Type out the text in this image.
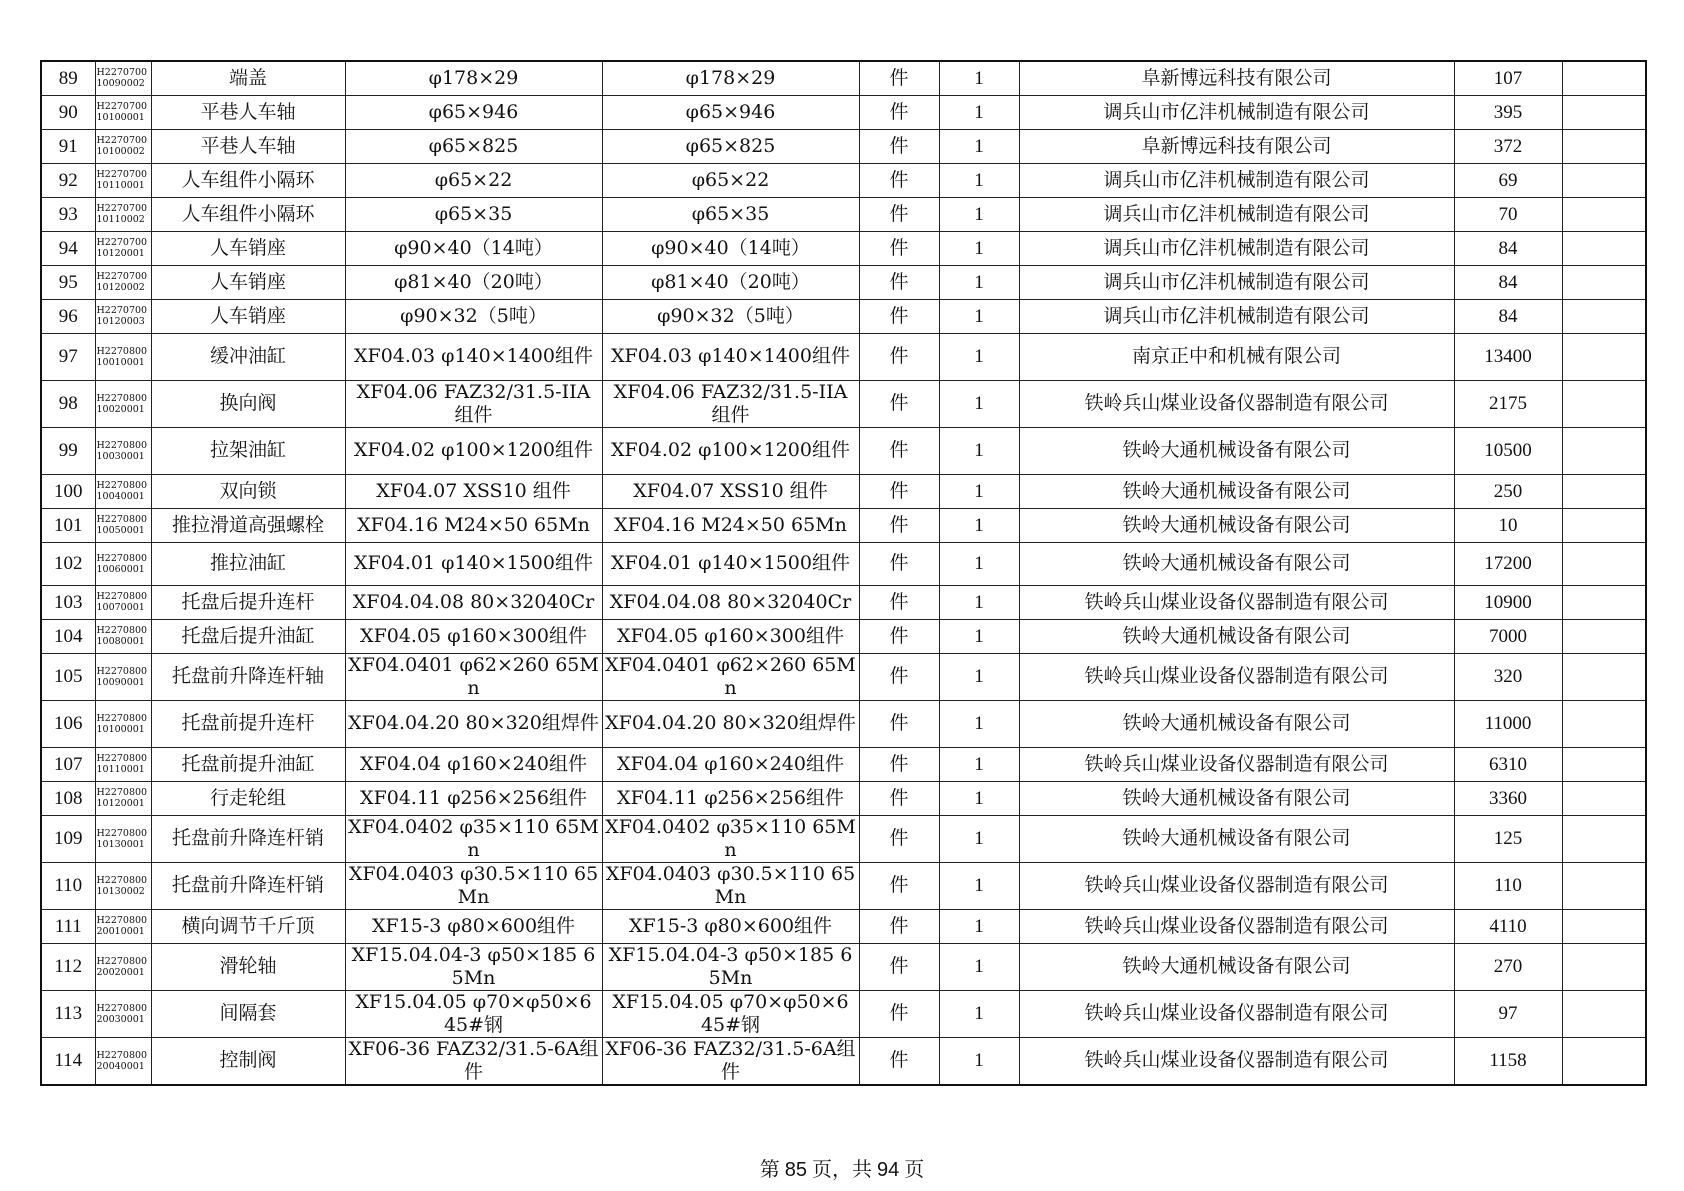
89	H227070010090002	端盖	φ178×29	φ178×29	件	1	阜新博远科技有限公司	107	
90	H227070010100001	平巷人车轴	φ65×946	φ65×946	件	1	调兵山市亿沣机械制造有限公司	395	
91	H227070010100002	平巷人车轴	φ65×825	φ65×825	件	1	阜新博远科技有限公司	372	
92	H227070010110001	人车组件小隔环	φ65×22	φ65×22	件	1	调兵山市亿沣机械制造有限公司	69	
93	H227070010110002	人车组件小隔环	φ65×35	φ65×35	件	1	调兵山市亿沣机械制造有限公司	70	
94	H227070010120001	人车销座	φ90×40（14吨）	φ90×40（14吨）	件	1	调兵山市亿沣机械制造有限公司	84	
95	H227070010120002	人车销座	φ81×40（20吨）	φ81×40（20吨）	件	1	调兵山市亿沣机械制造有限公司	84	
96	H227070010120003	人车销座	φ90×32（5吨）	φ90×32（5吨）	件	1	调兵山市亿沣机械制造有限公司	84	
97	H227080010010001	缓冲油缸	XF04.03 φ140×1400组件	XF04.03 φ140×1400组件	件	1	南京正中和机械有限公司	13400	
98	H227080010020001	换向阀	XF04.06 FAZ32/31.5-IIA组件	XF04.06 FAZ32/31.5-IIA组件	件	1	铁岭兵山煤业设备仪器制造有限公司	2175	
99	H227080010030001	拉架油缸	XF04.02 φ100×1200组件	XF04.02 φ100×1200组件	件	1	铁岭大通机械设备有限公司	10500	
100	H227080010040001	双向锁	XF04.07 XSS10 组件	XF04.07 XSS10 组件	件	1	铁岭大通机械设备有限公司	250	
101	H227080010050001	推拉滑道高强螺栓	XF04.16 M24×50 65Mn	XF04.16 M24×50 65Mn	件	1	铁岭大通机械设备有限公司	10	
102	H227080010060001	推拉油缸	XF04.01 φ140×1500组件	XF04.01 φ140×1500组件	件	1	铁岭大通机械设备有限公司	17200	
103	H227080010070001	托盘后提升连杆	XF04.04.08 80×32040Cr	XF04.04.08 80×32040Cr	件	1	铁岭兵山煤业设备仪器制造有限公司	10900	
104	H227080010080001	托盘后提升油缸	XF04.05 φ160×300组件	XF04.05 φ160×300组件	件	1	铁岭大通机械设备有限公司	7000	
105	H227080010090001	托盘前升降连杆轴	XF04.0401 φ62×260 65Mn	XF04.0401 φ62×260 65Mn	件	1	铁岭兵山煤业设备仪器制造有限公司	320	
106	H227080010100001	托盘前提升连杆	XF04.04.20 80×320组焊件	XF04.04.20 80×320组焊件	件	1	铁岭大通机械设备有限公司	11000	
107	H227080010110001	托盘前提升油缸	XF04.04 φ160×240组件	XF04.04 φ160×240组件	件	1	铁岭兵山煤业设备仪器制造有限公司	6310	
108	H227080010120001	行走轮组	XF04.11 φ256×256组件	XF04.11 φ256×256组件	件	1	铁岭大通机械设备有限公司	3360	
109	H227080010130001	托盘前升降连杆销	XF04.0402 φ35×110 65Mn	XF04.0402 φ35×110 65Mn	件	1	铁岭大通机械设备有限公司	125	
110	H227080010130002	托盘前升降连杆销	XF04.0403 φ30.5×110 65Mn	XF04.0403 φ30.5×110 65Mn	件	1	铁岭兵山煤业设备仪器制造有限公司	110	
111	H227080020010001	横向调节千斤顶	XF15-3 φ80×600组件	XF15-3 φ80×600组件	件	1	铁岭兵山煤业设备仪器制造有限公司	4110	
112	H227080020020001	滑轮轴	XF15.04.04-3 φ50×185 65Mn	XF15.04.04-3 φ50×185 65Mn	件	1	铁岭大通机械设备有限公司	270	
113	H227080020030001	间隔套	XF15.04.05 φ70×φ50×6 45#钢	XF15.04.05 φ70×φ50×6 45#钢	件	1	铁岭兵山煤业设备仪器制造有限公司	97	
114	H227080020040001	控制阀	XF06-36 FAZ32/31.5-6A组件	XF06-36 FAZ32/31.5-6A组件	件	1	铁岭兵山煤业设备仪器制造有限公司	1158	
第 85 页，共 94 页
